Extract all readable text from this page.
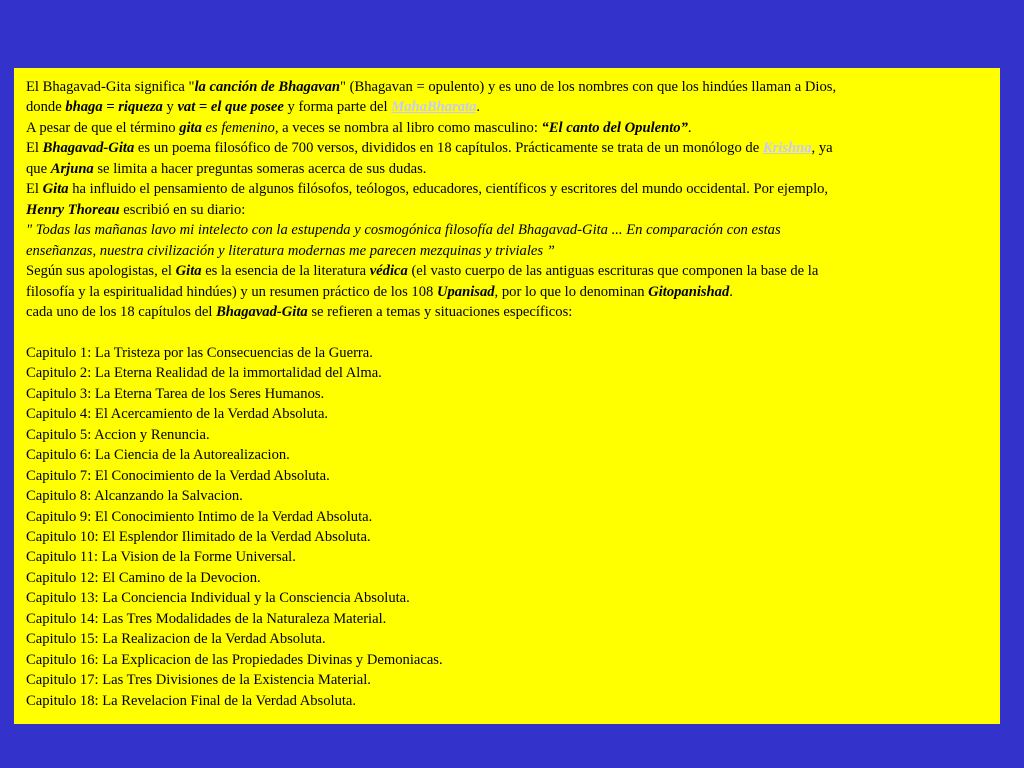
El Bhagavad-Gita significa "la canción de Bhagavan" (Bhagavan = opulento) y es uno de los nombres con que los hindúes llaman a Dios,
donde bhaga = riqueza y vat = el que posee y forma parte del MahaBharata.
A pesar de que el término gita es femenino, a veces se nombra al libro como masculino: “El canto del Opulento”.
El Bhagavad-Gita es un poema filosófico de 700 versos, divididos en 18 capítulos. Prácticamente se trata de un monólogo de Krishna, ya
que Arjuna se limita a hacer preguntas someras acerca de sus dudas.
El Gita ha influido el pensamiento de algunos filósofos, teólogos, educadores, científicos y escritores del mundo occidental. Por ejemplo,
Henry Thoreau escribió en su diario:
" Todas las mañanas lavo mi intelecto con la estupenda y cosmogónica filosofía del Bhagavad-Gita ... En comparación con estas
enseñanzas, nuestra civilización y literatura modernas me parecen mezquinas y triviales ”
Según sus apologistas, el Gita es la esencia de la literatura védica (el vasto cuerpo de las antiguas escrituras que componen la base de la
filosofía y la espiritualidad hindúes) y un resumen práctico de los 108 Upanisad, por lo que lo denominan Gitopanishad.
cada uno de los 18 capítulos del Bhagavad-Gita se refieren a temas y situaciones específicos:
Capitulo 1: La Tristeza por las Consecuencias de la Guerra.
Capitulo 2: La Eterna Realidad de la immortalidad del Alma.
Capitulo 3: La Eterna Tarea de los Seres Humanos.
Capitulo 4: El Acercamiento de la Verdad Absoluta.
Capitulo 5: Accion y Renuncia.
Capitulo 6: La Ciencia de la Autorealizacion.
Capitulo 7: El Conocimiento de la Verdad Absoluta.
Capitulo 8: Alcanzando la Salvacion.
Capitulo 9: El Conocimiento Intimo de la Verdad Absoluta.
Capitulo 10: El Esplendor Ilimitado de la Verdad Absoluta.
Capitulo 11: La Vision de la Forme Universal.
Capitulo 12: El Camino de la Devocion.
Capitulo 13: La Conciencia Individual y la Consciencia Absoluta.
Capitulo 14: Las Tres Modalidades de la Naturaleza Material.
Capitulo 15: La Realizacion de la Verdad Absoluta.
Capitulo 16: La Explicacion de las Propiedades Divinas y Demoniacas.
Capitulo 17: Las Tres Divisiones de la Existencia Material.
Capitulo 18: La Revelacion Final de la Verdad Absoluta.
